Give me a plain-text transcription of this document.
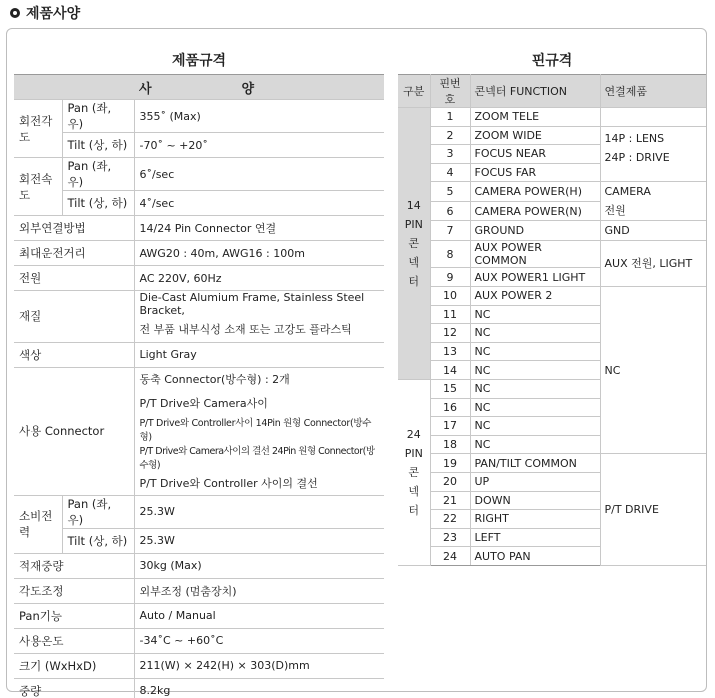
제품사양
제품규격
사양		
회전각도	Pan (좌, 우)	355˚ (Max)
	Tilt (상, 하)	-70˚ ~ +20˚
회전속도	Pan (좌, 우)	6˚/sec
	Tilt (상, 하)	4˚/sec
외부연결방법		14/24 Pin Connector 연결
최대운전거리		AWG20 : 40m, AWG16 : 100m
전원		AC 220V, 60Hz
재질		Die-Cast Alumium Frame, Stainless Steel Bracket,
		전 부품 내부식성 소재 또는 고강도 플라스틱
색상		Light Gray
사용 Connector		동축 Connector(방수형) : 2개
		P/T Drive와 Camera사이
		P/T Drive와 Controller사이 14Pin 원형 Connector(방수형)
		P/T Drive와 Camera사이의 결선 24Pin 원형 Connector(방수형)
		P/T Drive와 Controller 사이의 결선
소비전력	Pan (좌, 우)	25.3W
	Tilt (상, 하)	25.3W
적재중량		30kg (Max)
각도조정		외부조정 (멈춤장치)
Pan기능		Auto / Manual
사용온도		-34˚C ~ +60˚C
크기 (WxHxD)		211(W) × 242(H) × 303(D)mm
중량		8.2kg
핀규격
구분	핀번호	콘넥터 FUNCTION	연결제품
14
PIN
콘
넥
터	1	ZOOM TELE	
	2	ZOOM WIDE	14P : LENS
24P : DRIVE
	3	FOCUS NEAR	
	4	FOCUS FAR	
	5	CAMERA POWER(H)	CAMERA
전원
	6	CAMERA POWER(N)	
	7	GROUND	GND
	8	AUX POWER COMMON	AUX 전원, LIGHT
	9	AUX POWER1 LIGHT	
	10	AUX POWER 2	NC
	11	NC	
	12	NC	
	13	NC	
	14	NC	
24
PIN
콘
넥
터	15	NC	
	16	NC	
	17	NC	
	18	NC	
	19	PAN/TILT COMMON	P/T DRIVE
	20	UP	
	21	DOWN	
	22	RIGHT	
	23	LEFT	
	24	AUTO PAN	
